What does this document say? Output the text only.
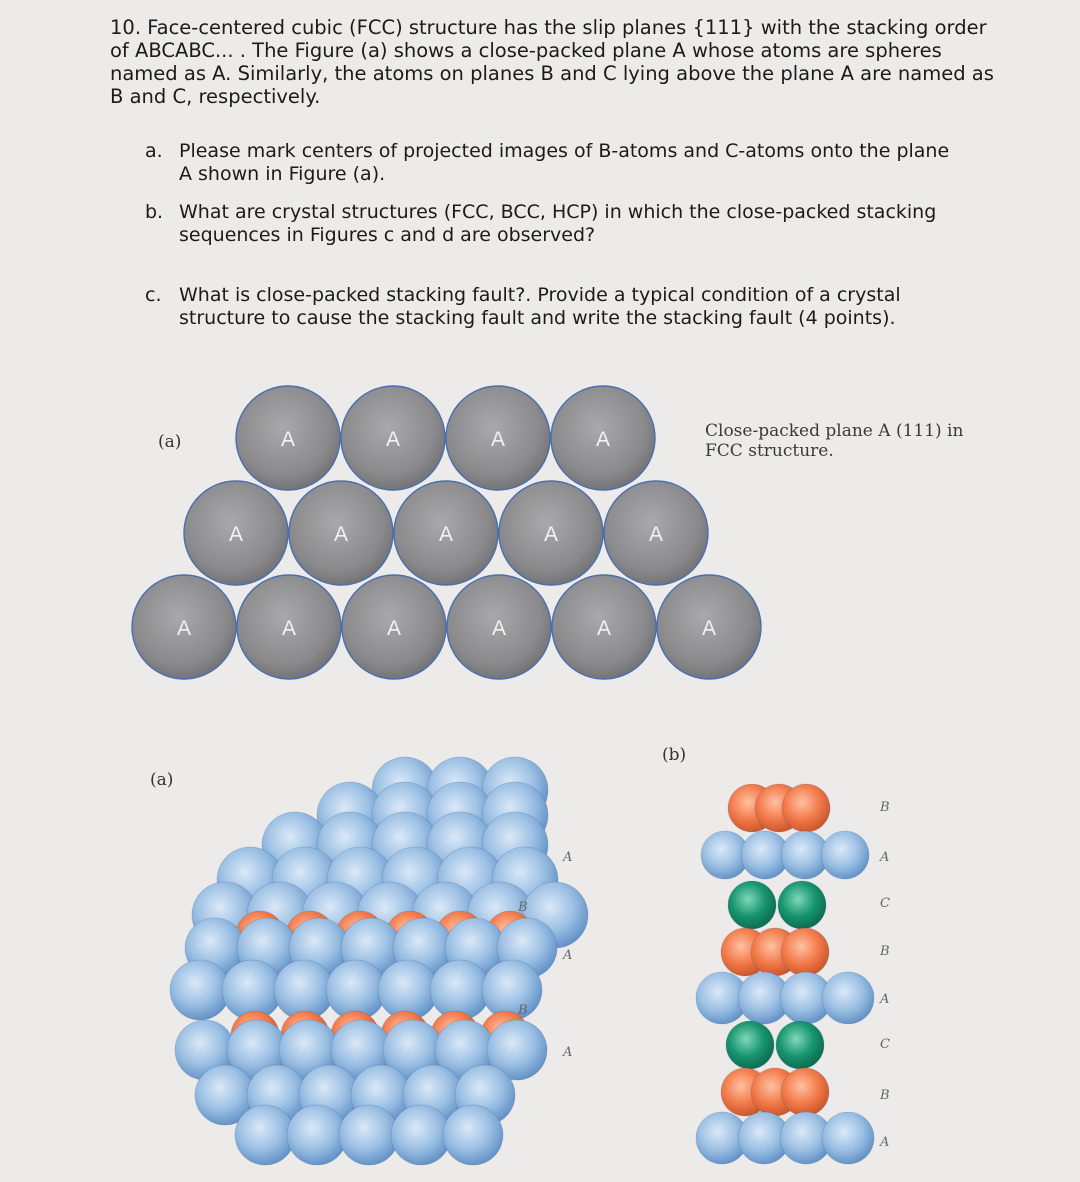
10. Face-centered cubic (FCC) structure has the slip planes {111} with the stacking order of ABCABC... . The Figure (a) shows a close-packed plane A whose atoms are spheres named as A. Similarly, the atoms on planes B and C lying above the plane A are named as B and C, respectively.
a. Please mark centers of projected images of B-atoms and C-atoms onto the plane A shown in Figure (a).
b. What are crystal structures (FCC, BCC, HCP) in which the close-packed stacking sequences in Figures c and d are observed?
c. What is close-packed stacking fault?. Provide a typical condition of a crystal structure to cause the stacking fault and write the stacking fault (4 points).
(a)
Close-packed plane A (111) in FCC structure.
A	A	A	A
A	A	A	A	A
A	A	A	A	A	A
(a)
(b)
A
B
A
B
A
B
A
C
B
A
C
B
A
